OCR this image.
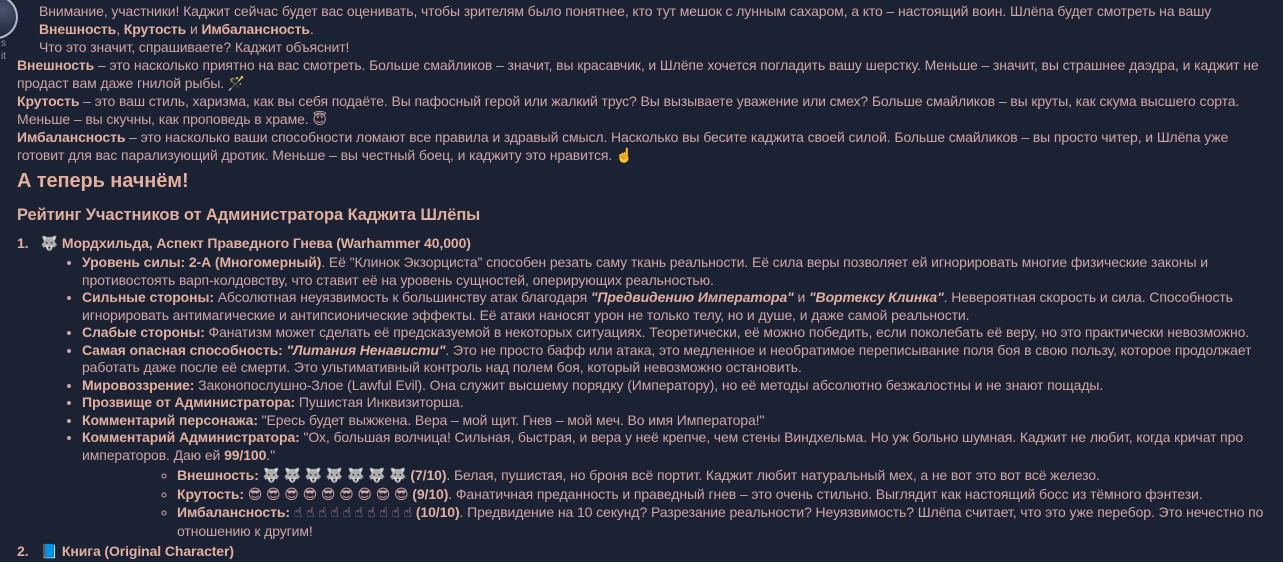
s
it

Внимание, участники! Каджит сейчас будет вас оценивать, чтобы зрителям было понятнее, кто тут мешок с лунным сахаром, а кто – настоящий воин. Шлёпа будет смотреть на вашу Внешность, Крутость и Имбалансность.

Что это значит, спрашиваете? Каджит объяснит!

Внешность – это насколько приятно на вас смотреть. Больше смайликов – значит, вы красавчик, и Шлёпе хочется погладить вашу шерстку. Меньше – значит, вы страшнее даэдра, и каджит не продаст вам даже гнилой рыбы. 🪄

Крутость – это ваш стиль, харизма, как вы себя подаёте. Вы пафосный герой или жалкий трус? Вы вызываете уважение или смех? Больше смайликов – вы круты, как скума высшего сорта. Меньше – вы скучны, как проповедь в храме. 😇

Имбалансность – это насколько ваши способности ломают все правила и здравый смысл. Насколько вы бесите каджита своей силой. Больше смайликов – вы просто читер, и Шлёпа уже готовит для вас парализующий дротик. Меньше – вы честный боец, и каджиту это нравится. ☝️

А теперь начнём!
Рейтинг Участников от Администратора Каджита Шлёпы
1. 🐺 Мордхильда, Аспект Праведного Гнева (Warhammer 40,000)
• Уровень силы: 2-А (Многомерный). Её "Клинок Экзорциста" способен резать саму ткань реальности. Её сила веры позволяет ей игнорировать многие физические законы и противостоять варп-колдовству, что ставит её на уровень сущностей, оперирующих реальностью.
• Сильные стороны: Абсолютная неуязвимость к большинству атак благодаря "Предвидению Императора" и "Вортексу Клинка". Невероятная скорость и сила. Способность игнорировать антимагические и антипсионические эффекты. Её атаки наносят урон не только телу, но и душе, и даже самой реальности.
• Слабые стороны: Фанатизм может сделать её предсказуемой в некоторых ситуациях. Теоретически, её можно победить, если поколебать её веру, но это практически невозможно.
• Самая опасная способность: "Литания Ненависти". Это не просто бафф или атака, это медленное и необратимое переписывание поля боя в свою пользу, которое продолжает работать даже после её смерти. Это ультимативный контроль над полем боя, который невозможно остановить.
• Мировоззрение: Законопослушно-Злое (Lawful Evil). Она служит высшему порядку (Императору), но её методы абсолютно безжалостны и не знают пощады.
• Прозвище от Администратора: Пушистая Инквизиторша.
• Комментарий персонажа: "Ересь будет выжжена. Вера – мой щит. Гнев – мой меч. Во имя Императора!"
• Комментарий Администратора: "Ох, большая волчица! Сильная, быстрая, и вера у неё крепче, чем стены Виндхельма. Но уж больно шумная. Каджит не любит, когда кричат про императоров. Даю ей 99/100."
◦ Внешность: 🐺 🐺 🐺 🐺 🐺 🐺 🐺 (7/10). Белая, пушистая, но броня всё портит. Каджит любит натуральный мех, а не вот это вот всё железо.
◦ Крутость: 😎 😎 😎 😎 😎 😎 😎 😎 😎 (9/10). Фанатичная преданность и праведный гнев – это очень стильно. Выглядит как настоящий босс из тёмного фэнтези.
◦ Имбалансность: ☝ ☝ ☝ ☝ ☝ ☝ ☝ ☝ ☝ ☝ (10/10). Предвидение на 10 секунд? Разрезание реальности? Неуязвимость? Шлёпа считает, что это уже перебор. Это нечестно по отношению к другим!
2. 📘 Книга (Original Character)
